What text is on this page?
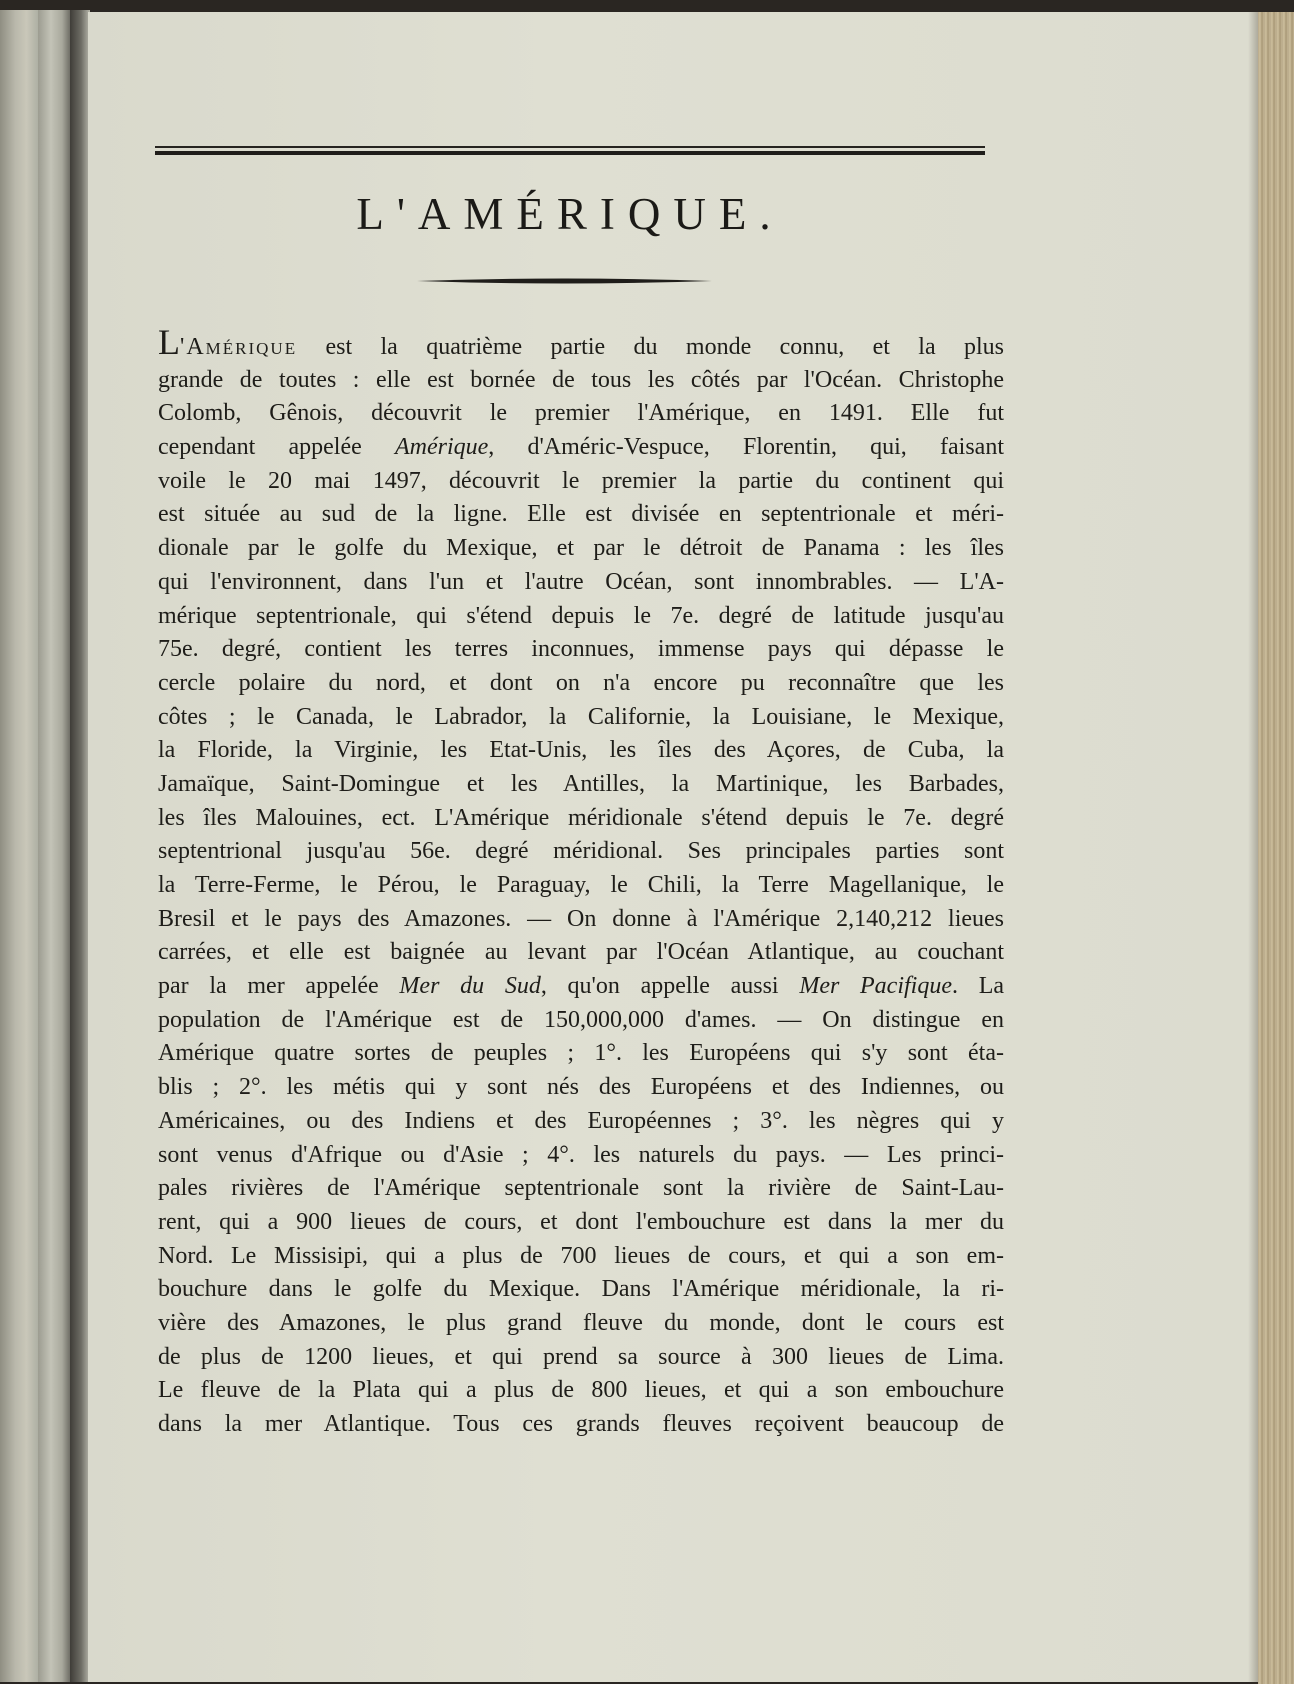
L'AMÉRIQUE.
L'Amérique est la quatrième partie du monde connu, et la plus
grande de toutes : elle est bornée de tous les côtés par l'Océan. Christophe
Colomb, Gênois, découvrit le premier l'Amérique, en 1491. Elle fut
cependant appelée Amérique, d'Améric-Vespuce, Florentin, qui, faisant
voile le 20 mai 1497, découvrit le premier la partie du continent qui
est située au sud de la ligne. Elle est divisée en septentrionale et méri-
dionale par le golfe du Mexique, et par le détroit de Panama : les îles
qui l'environnent, dans l'un et l'autre Océan, sont innombrables. — L'A-
mérique septentrionale, qui s'étend depuis le 7e. degré de latitude jusqu'au
75e. degré, contient les terres inconnues, immense pays qui dépasse le
cercle polaire du nord, et dont on n'a encore pu reconnaître que les
côtes ; le Canada, le Labrador, la Californie, la Louisiane, le Mexique,
la Floride, la Virginie, les Etat-Unis, les îles des Açores, de Cuba, la
Jamaïque, Saint-Domingue et les Antilles, la Martinique, les Barbades,
les îles Malouines, ect. L'Amérique méridionale s'étend depuis le 7e. degré
septentrional jusqu'au 56e. degré méridional. Ses principales parties sont
la Terre-Ferme, le Pérou, le Paraguay, le Chili, la Terre Magellanique, le
Bresil et le pays des Amazones. — On donne à l'Amérique 2,140,212 lieues
carrées, et elle est baignée au levant par l'Océan Atlantique, au couchant
par la mer appelée Mer du Sud, qu'on appelle aussi Mer Pacifique. La
population de l'Amérique est de 150,000,000 d'ames. — On distingue en
Amérique quatre sortes de peuples ; 1°. les Européens qui s'y sont éta-
blis ; 2°. les métis qui y sont nés des Européens et des Indiennes, ou
Américaines, ou des Indiens et des Européennes ; 3°. les nègres qui y
sont venus d'Afrique ou d'Asie ; 4°. les naturels du pays. — Les princi-
pales rivières de l'Amérique septentrionale sont la rivière de Saint-Lau-
rent, qui a 900 lieues de cours, et dont l'embouchure est dans la mer du
Nord. Le Missisipi, qui a plus de 700 lieues de cours, et qui a son em-
bouchure dans le golfe du Mexique. Dans l'Amérique méridionale, la ri-
vière des Amazones, le plus grand fleuve du monde, dont le cours est
de plus de 1200 lieues, et qui prend sa source à 300 lieues de Lima.
Le fleuve de la Plata qui a plus de 800 lieues, et qui a son embouchure
dans la mer Atlantique. Tous ces grands fleuves reçoivent beaucoup de
